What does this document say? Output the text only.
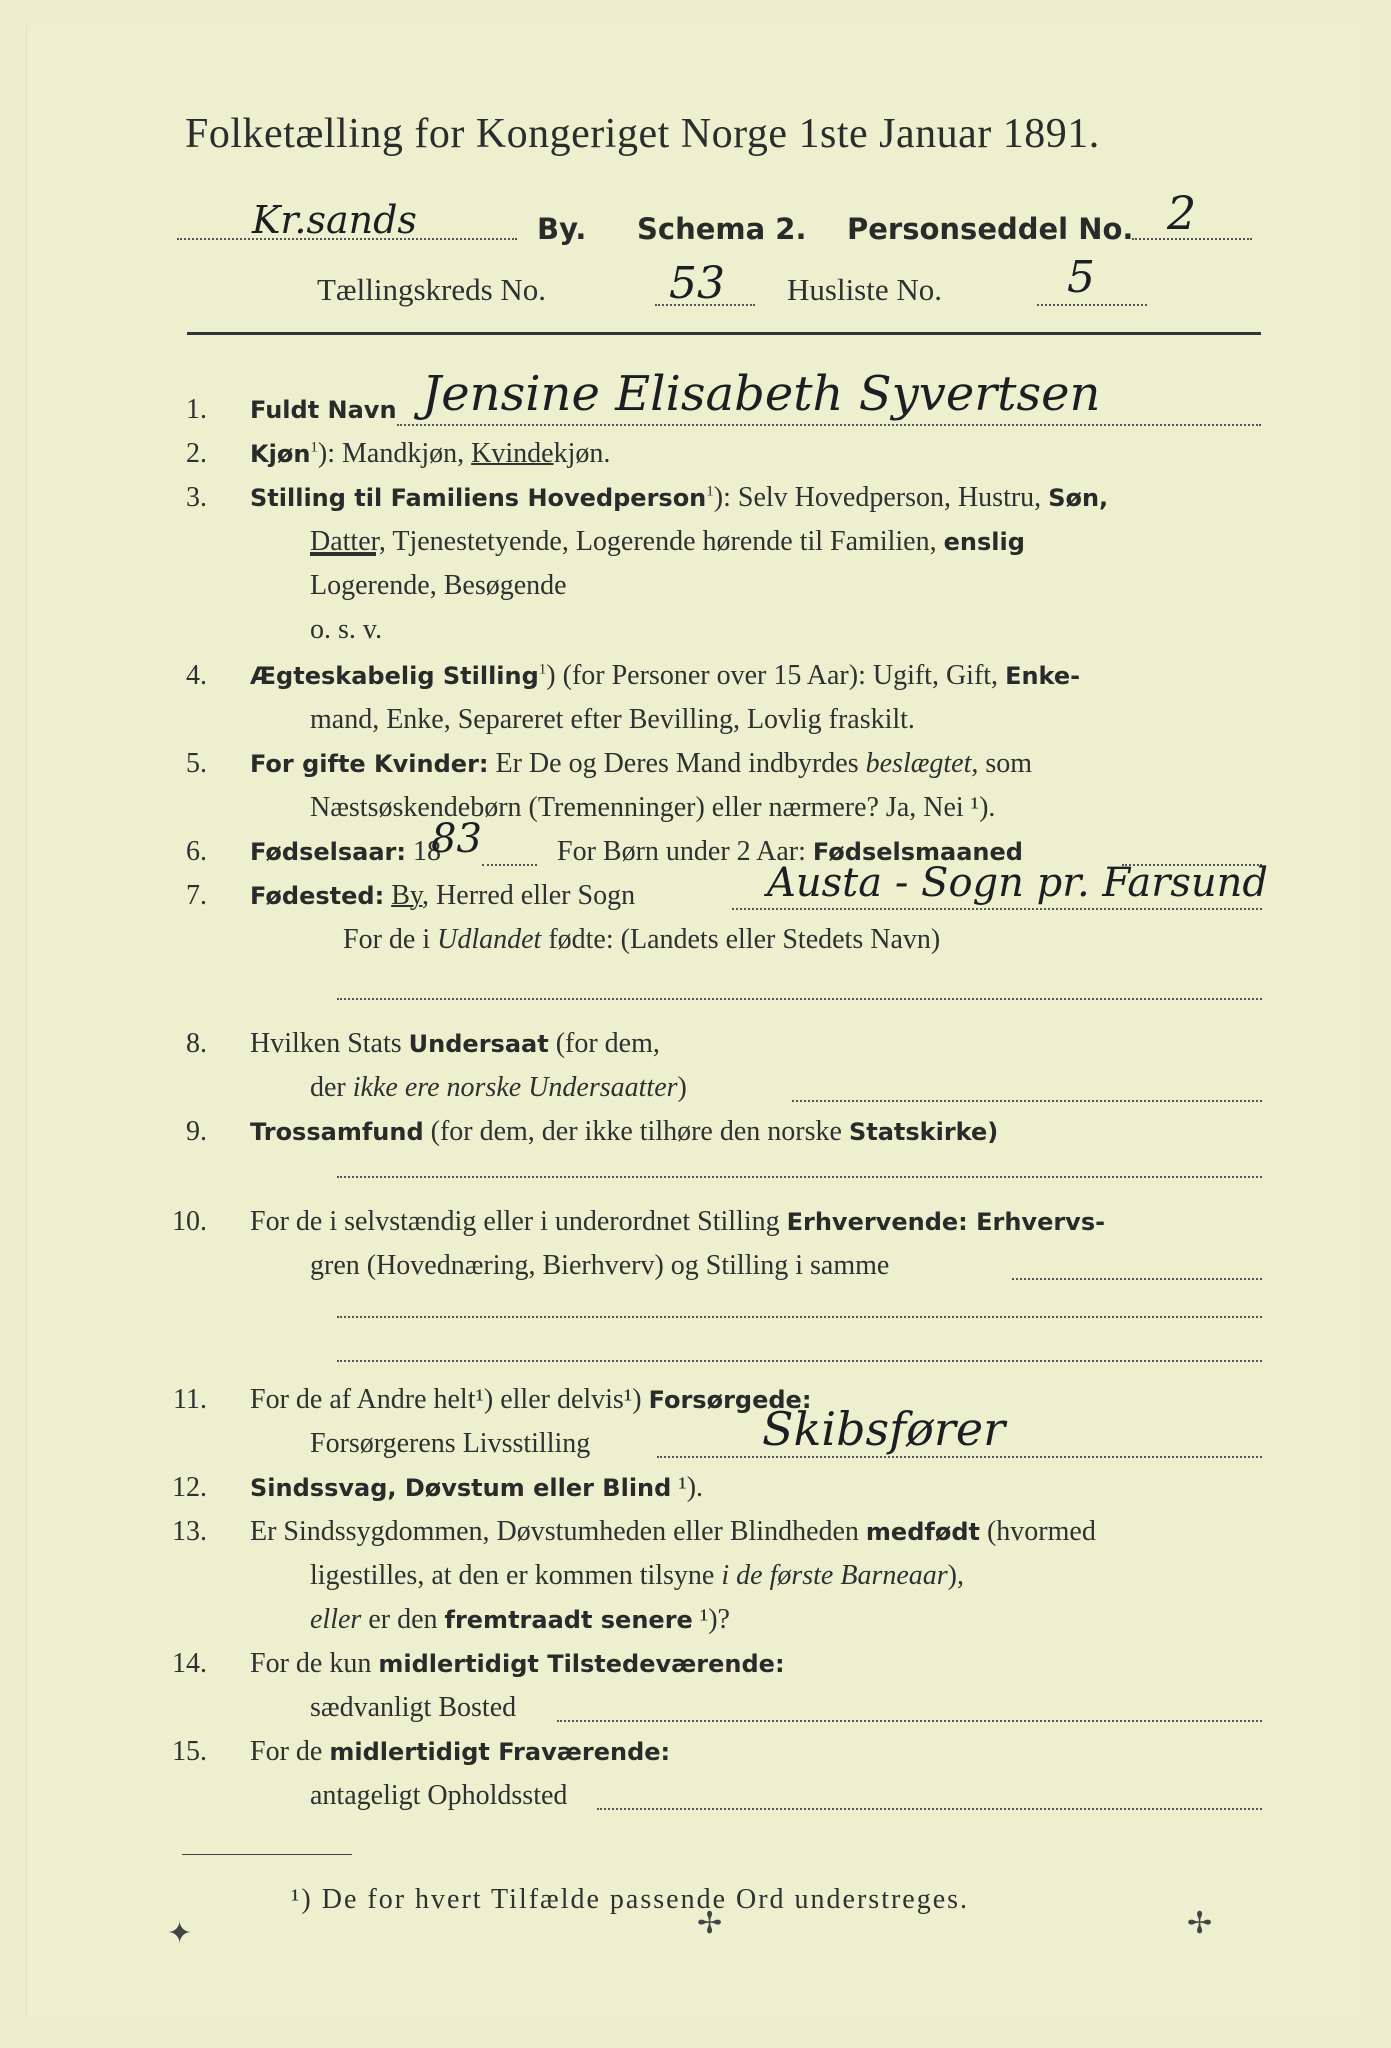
Folketælling for Kongeriget Norge 1ste Januar 1891.
Kr.sands	By. Schema 2. Personseddel No. 2
Tællingskreds No.	53 Husliste No.	5
1. Fuldt Navn Jensine Elisabeth Syvertsen
2. Kjøn$^1$): Mandkjøn, Kvindekjøn.
3. Stilling til Familiens Hovedperson$^1$): Selv Hovedperson, Hustru, Søn,
Datter, Tjenestetyende, Logerende hørende til Familien, enslig
Logerende, Besøgende
o. s. v.
4. Ægteskabelig Stilling$^1$) (for Personer over 15 Aar): Ugift, Gift, Enke-
mand, Enke, Separeret efter Bevilling, Lovlig fraskilt.
5. For gifte Kvinder: Er De og Deres Mand indbyrdes beslægtet, som
Næstsøskendebørn (Tremenninger) eller nærmere? Ja, Nei ¹).
6. Fødselsaar: 18
83	For Børn under 2 Aar: Fødselsmaaned
7. Fødested: By, Herred eller Sogn	Austa - Sogn pr. Farsund
For de i Udlandet fødte: (Landets eller Stedets Navn)
8. Hvilken Stats Undersaat (for dem,
der ikke ere norske Undersaatter)
9. Trossamfund (for dem, der ikke tilhøre den norske Statskirke)
10. For de i selvstændig eller i underordnet Stilling Erhvervende: Erhvervs-
gren (Hovednæring, Bierhverv) og Stilling i samme
11. For de af Andre helt¹) eller delvis¹) Forsørgede:
Forsørgerens Livsstilling	Skibsfører
12. Sindssvag, Døvstum eller Blind ¹).
13. Er Sindssygdommen, Døvstumheden eller Blindheden medfødt (hvormed
ligestilles, at den er kommen tilsyne i de første Barneaar),
eller er den fremtraadt senere ¹)?
14. For de kun midlertidigt Tilstedeværende:
sædvanligt Bosted
15. For de midlertidigt Fraværende:
antageligt Opholdssted
¹) De for hvert Tilfælde passende Ord understreges.
✦	✢	✢
